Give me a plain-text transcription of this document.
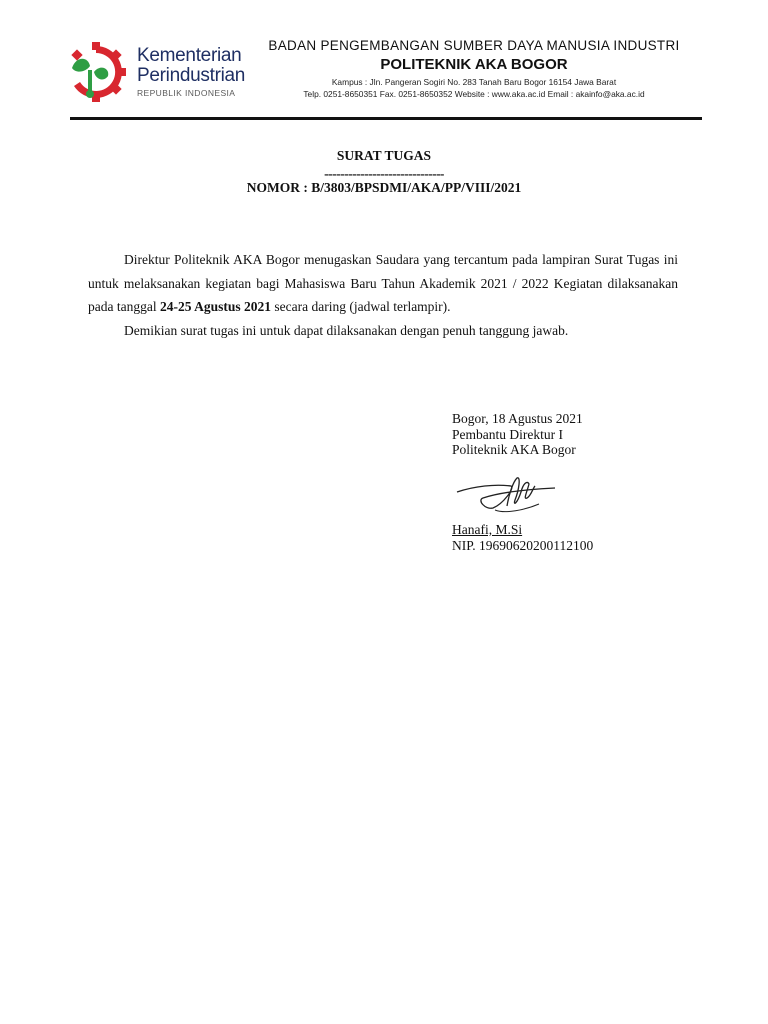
Kementerian
Perindustrian
REPUBLIK INDONESIA
BADAN PENGEMBANGAN SUMBER DAYA MANUSIA INDUSTRI
POLITEKNIK AKA BOGOR
Kampus : Jln. Pangeran Sogiri No. 283 Tanah Baru Bogor 16154 Jawa Barat
Telp. 0251-8650351 Fax. 0251-8650352 Website : www.aka.ac.id Email : akainfo@aka.ac.id
SURAT TUGAS
------------------------------
NOMOR : B/3803/BPSDMI/AKA/PP/VIII/2021

Direktur Politeknik AKA Bogor menugaskan Saudara yang tercantum pada lampiran Surat Tugas ini untuk melaksanakan kegiatan bagi Mahasiswa Baru Tahun Akademik 2021 / 2022 Kegiatan dilaksanakan pada tanggal 24-25 Agustus 2021 secara daring (jadwal terlampir).

Demikian surat tugas ini untuk dapat dilaksanakan dengan penuh tanggung jawab.

Bogor, 18 Agustus 2021
Pembantu Direktur I
Politeknik AKA Bogor
Hanafi, M.Si
NIP. 19690620200112100
